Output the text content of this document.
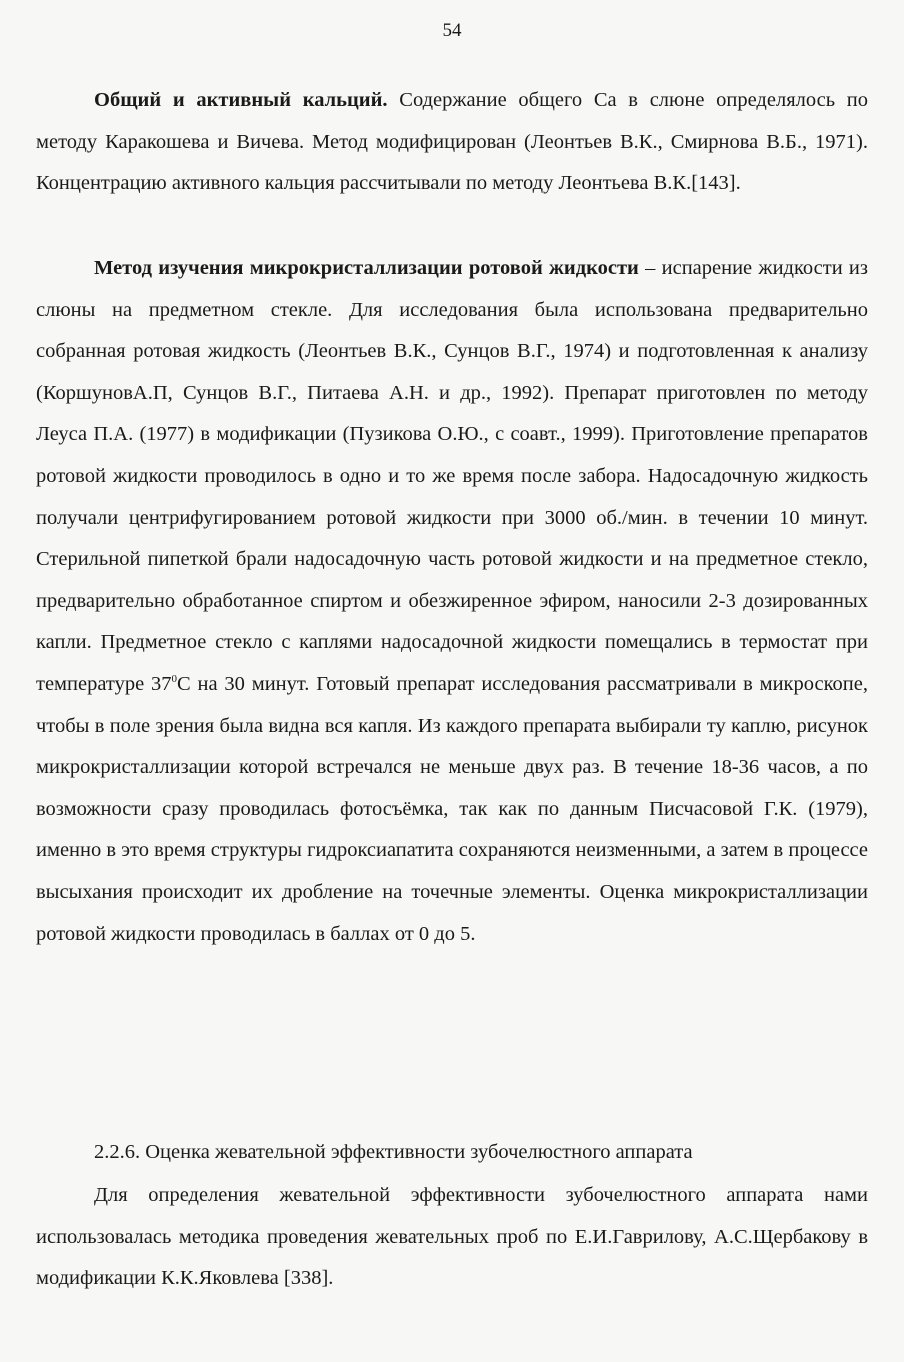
54

Общий и активный кальций. Содержание общего Са в слюне определялось по методу Каракошева и Вичева. Метод модифицирован (Леонтьев В.К., Смирнова В.Б., 1971). Концентрацию активного кальция рассчитывали по методу Леонтьева В.К.[143].

Метод изучения микрокристаллизации ротовой жидкости – испарение жидкости из слюны на предметном стекле. Для исследования была использована предварительно собранная ротовая жидкость (Леонтьев В.К., Сунцов В.Г., 1974) и подготовленная к анализу (КоршуновА.П, Сунцов В.Г., Питаева А.Н. и др., 1992). Препарат приготовлен по методу Леуса П.А. (1977) в модификации (Пузикова О.Ю., с соавт., 1999). Приготовление препаратов ротовой жидкости проводилось в одно и то же время после забора. Надосадочную жидкость получали центрифугированием ротовой жидкости при 3000 об./мин. в течении 10 минут. Стерильной пипеткой брали надосадочную часть ротовой жидкости и на предметное стекло, предварительно обработанное спиртом и обезжиренное эфиром, наносили 2-3 дозированных капли. Предметное стекло с каплями надосадочной жидкости помещались в термостат при температуре $37^0С$ на 30 минут. Готовый препарат исследования рассматривали в микроскопе, чтобы в поле зрения была видна вся капля. Из каждого препарата выбирали ту каплю, рисунок микрокристаллизации которой встречался не меньше двух раз. В течение 18-36 часов, а по возможности сразу проводилась фотосъёмка, так как по данным Писчасовой Г.К. (1979), именно в это время структуры гидроксиапатита сохраняются неизменными, а затем в процессе высыхания происходит их дробление на точечные элементы. Оценка микрокристаллизации ротовой жидкости проводилась в баллах от 0 до 5.

2.2.6. Оценка жевательной эффективности зубочелюстного аппарата

Для определения жевательной эффективности зубочелюстного аппарата нами использовалась методика проведения жевательных проб по Е.И.Гаврилову, А.С.Щербакову в модификации К.К.Яковлева [338].
